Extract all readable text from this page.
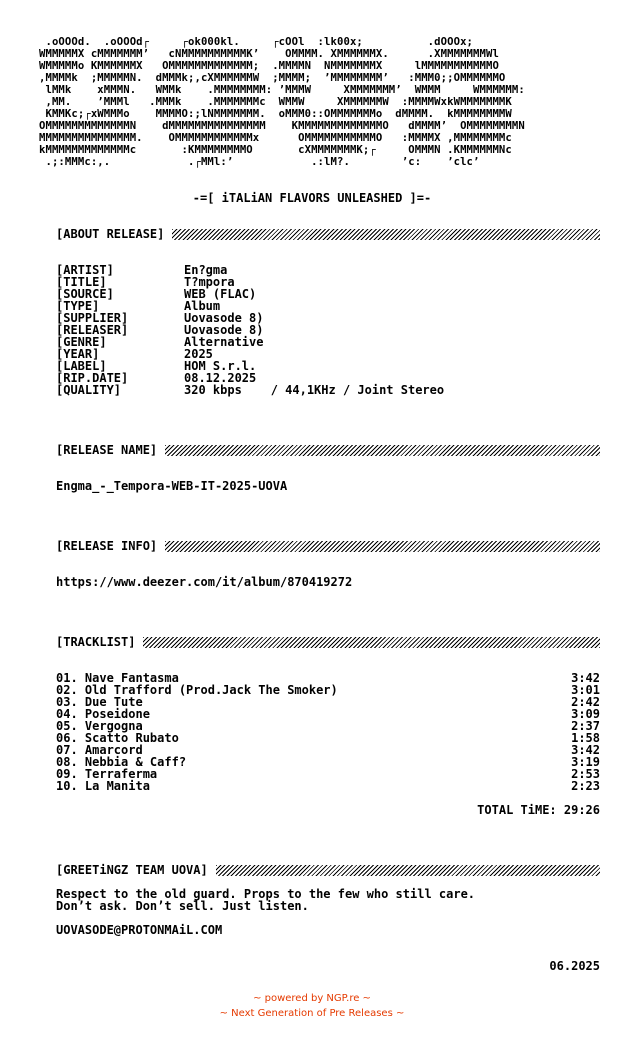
.oOOOd.  .oOOOd┌     ┌ok000kl.     ┌cOOl  :lk00x;          .dOOOx;
WMMMMMX cMMMMMMM’   cNMMMMMMMMMMK’    OMMMM. XMMMMMMX.      .XMMMMMMMWl
WMMMMMo KMMMMMMX   OMMMMMMMMMMMMM;  .MMMMN  NMMMMMMMX     lMMMMMMMMMMMO
,MMMMk  ;MMMMMN.  dMMMk;,cXMMMMMMW  ;MMMM;  ’MMMMMMMM’   :MMM0;;OMMMMMMO
lMMk    xMMMN.   WMMk    .MMMMMMMM: ’MMMW     XMMMMMMM’  WMMM     WMMMMMM:
,MM.    ’MMMl   .MMMk    .MMMMMMMc  WMMW     XMMMMMMW  :MMMMWxkWMMMMMMMK
KMMKc;┌xWMMMo    MMMMO:;lNMMMMMMM.  oMMM0::OMMMMMMMo  dMMMM.  kMMMMMMMMW
OMMMMMMMMMMMMMN    dMMMMMMMMMMMMMMM    KMMMMMMMMMMMMMO   dMMMM’  OMMMMMMMMN
MMMMMMMMMMMMMMM.    OMMMMMMMMMMMMx      OMMMMMMMMMMMO   :MMMMX ,MMMMMMMMc
kMMMMMMMMMMMMMc       :KMMMMMMMMO       cXMMMMMMMK;┌     OMMMN .KMMMMMMNc
.;:MMMc:,.            .┌MMl:’            .:lM?.        ’c:    ’clc’
-=[ iTALiAN FLAVORS UNLEASHED ]=-
[ABOUT RELEASE]
[ARTIST]	En?gma
[TITLE]	T?mpora
[SOURCE]	WEB (FLAC)
[TYPE]	Album
[SUPPLIER]	Uovasode 8)
[RELEASER]	Uovasode 8)
[GENRE]	Alternative
[YEAR]	2025
[LABEL]	HOM S.r.l.
[RIP.DATE]	08.12.2025
[QUALITY]	320 kbps    / 44,1KHz / Joint Stereo
[RELEASE NAME]
Engma_-_Tempora-WEB-IT-2025-UOVA
[RELEASE INFO]
https://www.deezer.com/it/album/870419272
[TRACKLIST]
01. Nave Fantasma	3:42
02. Old Trafford (Prod.Jack The Smoker)	3:01
03. Due Tute	2:42
04. Poseidone	3:09
05. Vergogna	2:37
06. Scatto Rubato	1:58
07. Amarcord	3:42
08. Nebbia & Caff?	3:19
09. Terraferma	2:53
10. La Manita	2:23
TOTAL TiME: 29:26
[GREETiNGZ TEAM UOVA]
Respect to the old guard. Props to the few who still care.
Don’t ask. Don’t sell. Just listen.
UOVASODE@PROTONMAiL.COM
06.2025
~ powered by NGP.re ~
~ Next Generation of Pre Releases ~
